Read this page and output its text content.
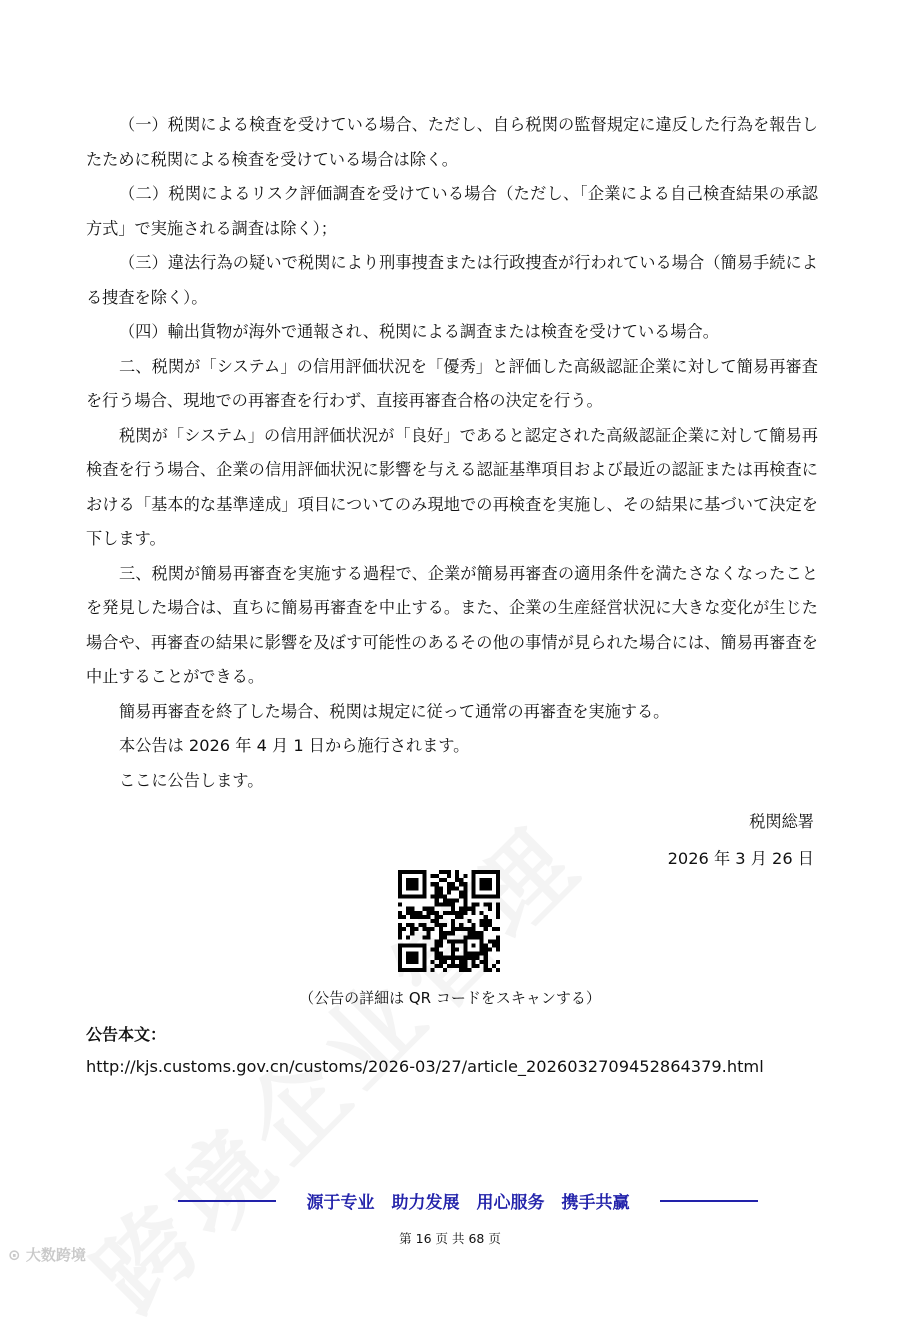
（一）税関による検査を受けている場合、ただし、自ら税関の監督規定に違反した行為を報告したために税関による検査を受けている場合は除く。

（二）税関によるリスク評価調査を受けている場合（ただし、「企業による自己検査結果の承認方式」で実施される調査は除く）；

（三）違法行為の疑いで税関により刑事捜査または行政捜査が行われている場合（簡易手続による捜査を除く）。

（四）輸出貨物が海外で通報され、税関による調査または検査を受けている場合。

二、税関が「システム」の信用評価状況を「優秀」と評価した高級認証企業に対して簡易再審査を行う場合、現地での再審査を行わず、直接再審査合格の決定を行う。

税関が「システム」の信用評価状況が「良好」であると認定された高級認証企業に対して簡易再検査を行う場合、企業の信用評価状況に影響を与える認証基準項目および最近の認証または再検査における「基本的な基準達成」項目についてのみ現地での再検査を実施し、その結果に基づいて決定を下します。

三、税関が簡易再審査を実施する過程で、企業が簡易再審査の適用条件を満たさなくなったことを発見した場合は、直ちに簡易再審査を中止する。また、企業の生産経営状況に大きな変化が生じた場合や、再審査の結果に影響を及ぼす可能性のあるその他の事情が見られた場合には、簡易再審査を中止することができる。

簡易再審査を終了した場合、税関は規定に従って通常の再審査を実施する。

本公告は 2026 年 4 月 1 日から施行されます。

ここに公告します。

税関総署
2026 年 3 月 26 日
（公告の詳細は QR コードをスキャンする）
公告本文：
http://kjs.customs.gov.cn/customs/2026-03/27/article_2026032709452864379.html
源于专业　助力发展　用心服务　携手共赢
第 16 页 共 68 页
⊙ 大数跨境
